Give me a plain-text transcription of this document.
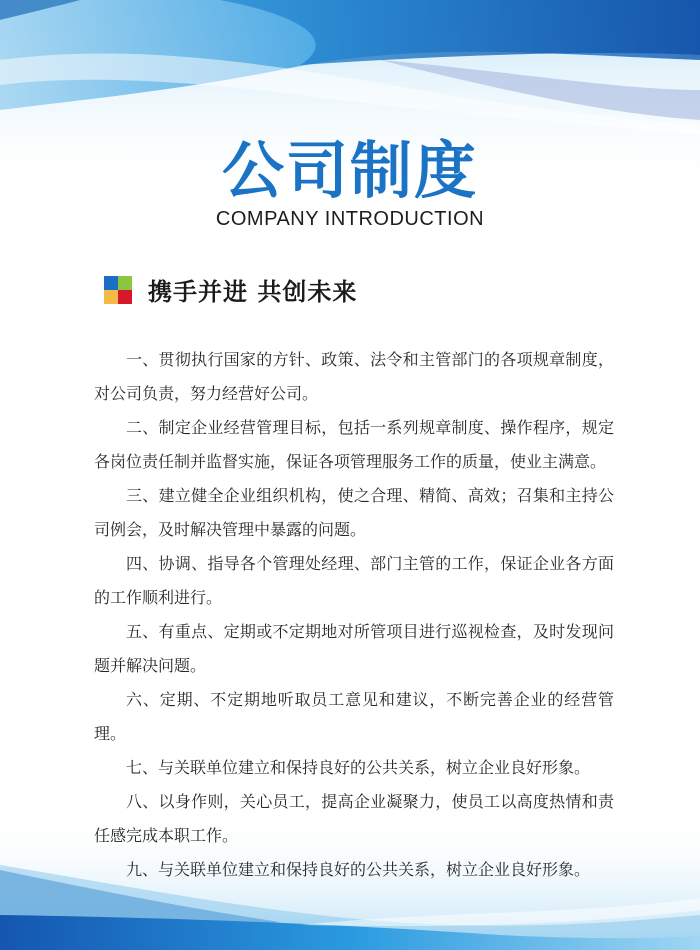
公司制度
COMPANY INTRODUCTION
携手并进 共创未来

一、贯彻执行国家的方针、政策、法令和主管部门的各项规章制度，对公司负责，努力经营好公司。

二、制定企业经营管理目标，包括一系列规章制度、操作程序，规定各岗位责任制并监督实施，保证各项管理服务工作的质量，使业主满意。

三、建立健全企业组织机构，使之合理、精简、高效；召集和主持公司例会，及时解决管理中暴露的问题。

四、协调、指导各个管理处经理、部门主管的工作，保证企业各方面的工作顺利进行。

五、有重点、定期或不定期地对所管项目进行巡视检查，及时发现问题并解决问题。

六、定期、不定期地听取员工意见和建议，不断完善企业的经营管理。

七、与关联单位建立和保持良好的公共关系，树立企业良好形象。

八、以身作则，关心员工，提高企业凝聚力，使员工以高度热情和责任感完成本职工作。

九、与关联单位建立和保持良好的公共关系，树立企业良好形象。
